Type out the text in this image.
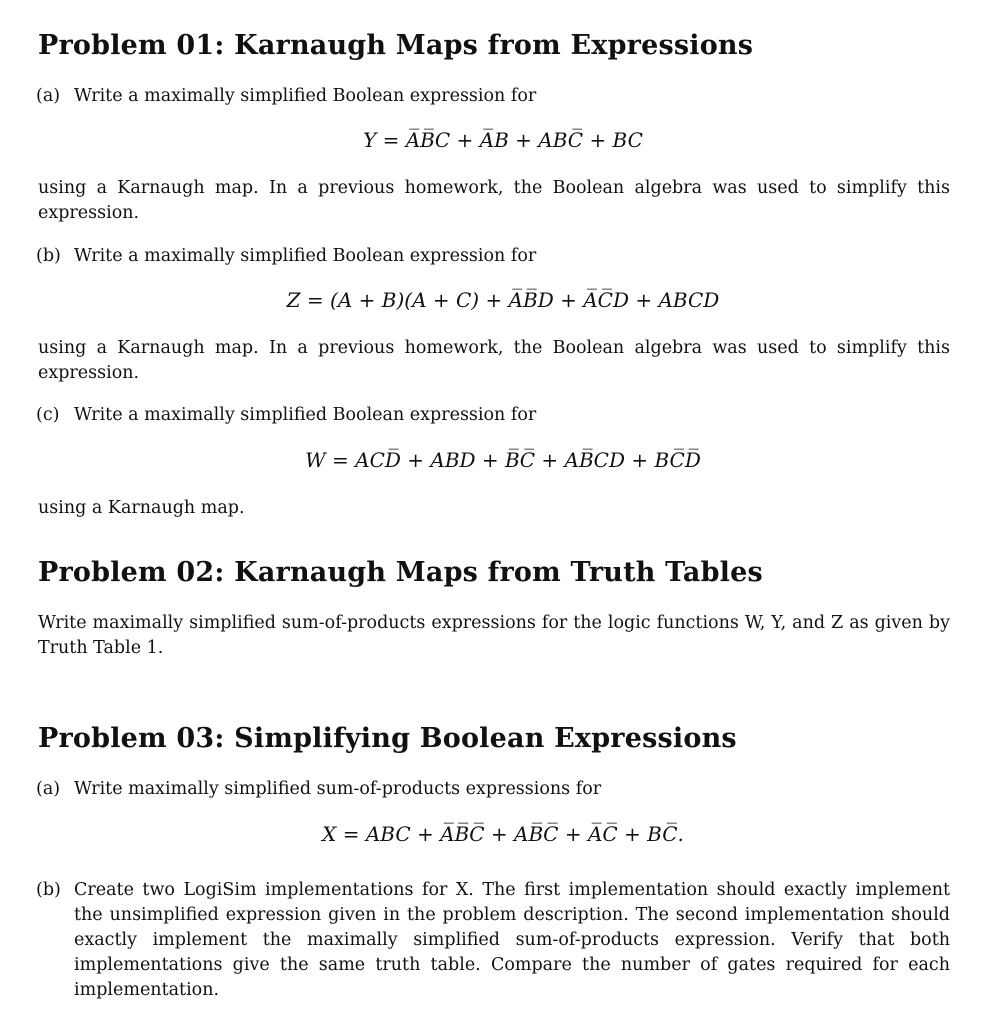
Problem 01: Karnaugh Maps from Expressions
(a) Write a maximally simplified Boolean expression for
Y = A̅B̅C + A̅B + ABC̅ + BC
using a Karnaugh map. In a previous homework, the Boolean algebra was used to simplify this expression.
(b) Write a maximally simplified Boolean expression for
Z = (A + B)(A + C) + A̅B̅D + A̅C̅D + ABCD
using a Karnaugh map. In a previous homework, the Boolean algebra was used to simplify this expression.
(c) Write a maximally simplified Boolean expression for
W = ACD̅ + ABD + B̅C̅ + AB̅CD + BC̅D̅
using a Karnaugh map.
Problem 02: Karnaugh Maps from Truth Tables
Write maximally simplified sum-of-products expressions for the logic functions W, Y, and Z as given by Truth Table 1.
Problem 03: Simplifying Boolean Expressions
(a) Write maximally simplified sum-of-products expressions for
X = ABC + A̅B̅C̅ + AB̅C̅ + A̅C̅ + BC̅.
(b) Create two LogiSim implementations for X. The first implementation should exactly implement the unsimplified expression given in the problem description. The second implementation should exactly implement the maximally simplified sum-of-products expression. Verify that both implementations give the same truth table. Compare the number of gates required for each implementation.
